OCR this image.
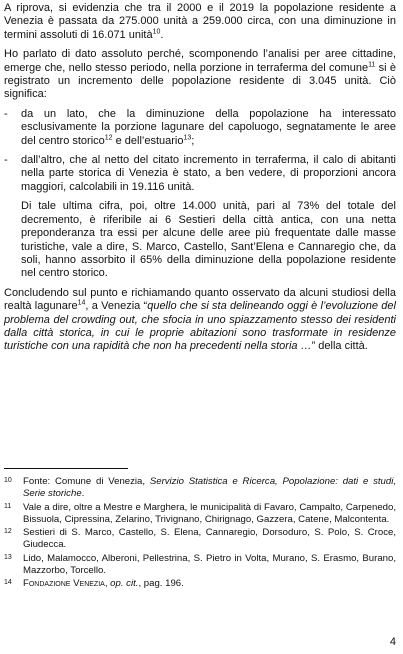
A riprova, si evidenzia che tra il 2000 e il 2019 la popolazione residente a Venezia è passata da 275.000 unità a 259.000 circa, con una diminuzione in termini assoluti di 16.071 unità$^{10}$.

Ho parlato di dato assoluto perché, scomponendo l’analisi per aree cittadine, emerge che, nello stesso periodo, nella porzione in terraferma del comune$^{11}$ si è registrato un incremento delle popolazione residente di 3.045 unità. Ciò significa:

- da un lato, che la diminuzione della popolazione ha interessato esclusivamente la porzione lagunare del capoluogo, segnatamente le aree del centro storico$^{12}$ e dell’estuario$^{13}$;
- dall’altro, che al netto del citato incremento in terraferma, il calo di abitanti nella parte storica di Venezia è stato, a ben vedere, di proporzioni ancora maggiori, calcolabili in 19.116 unità.

Di tale ultima cifra, poi, oltre 14.000 unità, pari al 73% del totale del decremento, è riferibile ai 6 Sestieri della città antica, con una netta preponderanza tra essi per alcune delle aree più frequentate dalle masse turistiche, vale a dire, S. Marco, Castello, Sant’Elena e Cannaregio che, da soli, hanno assorbito il 65% della diminuzione della popolazione residente nel centro storico.

Concludendo sul punto e richiamando quanto osservato da alcuni studiosi della realtà lagunare$^{14}$, a Venezia “quello che si sta delineando oggi è l’evoluzione del problema del crowding out, che sfocia in uno spiazzamento stesso dei residenti dalla città storica, in cui le proprie abitazioni sono trasformate in residenze turistiche con una rapidità che non ha precedenti nella storia …” della città.

10 Fonte: Comune di Venezia, Servizio Statistica e Ricerca, Popolazione: dati e studi, Serie storiche.
11 Vale a dire, oltre a Mestre e Marghera, le municipalità di Favaro, Campalto, Carpenedo, Bissuola, Cipressina, Zelarino, Trivignano, Chirignago, Gazzera, Catene, Malcontenta.
12 Sestieri di S. Marco, Castello, S. Elena, Cannaregio, Dorsoduro, S. Polo, S. Croce, Giudecca.
13 Lido, Malamocco, Alberoni, Pellestrina, S. Pietro in Volta, Murano, S. Erasmo, Burano, Mazzorbo, Torcello.
14 Fondazione Venezia, op. cit., pag. 196.
4
